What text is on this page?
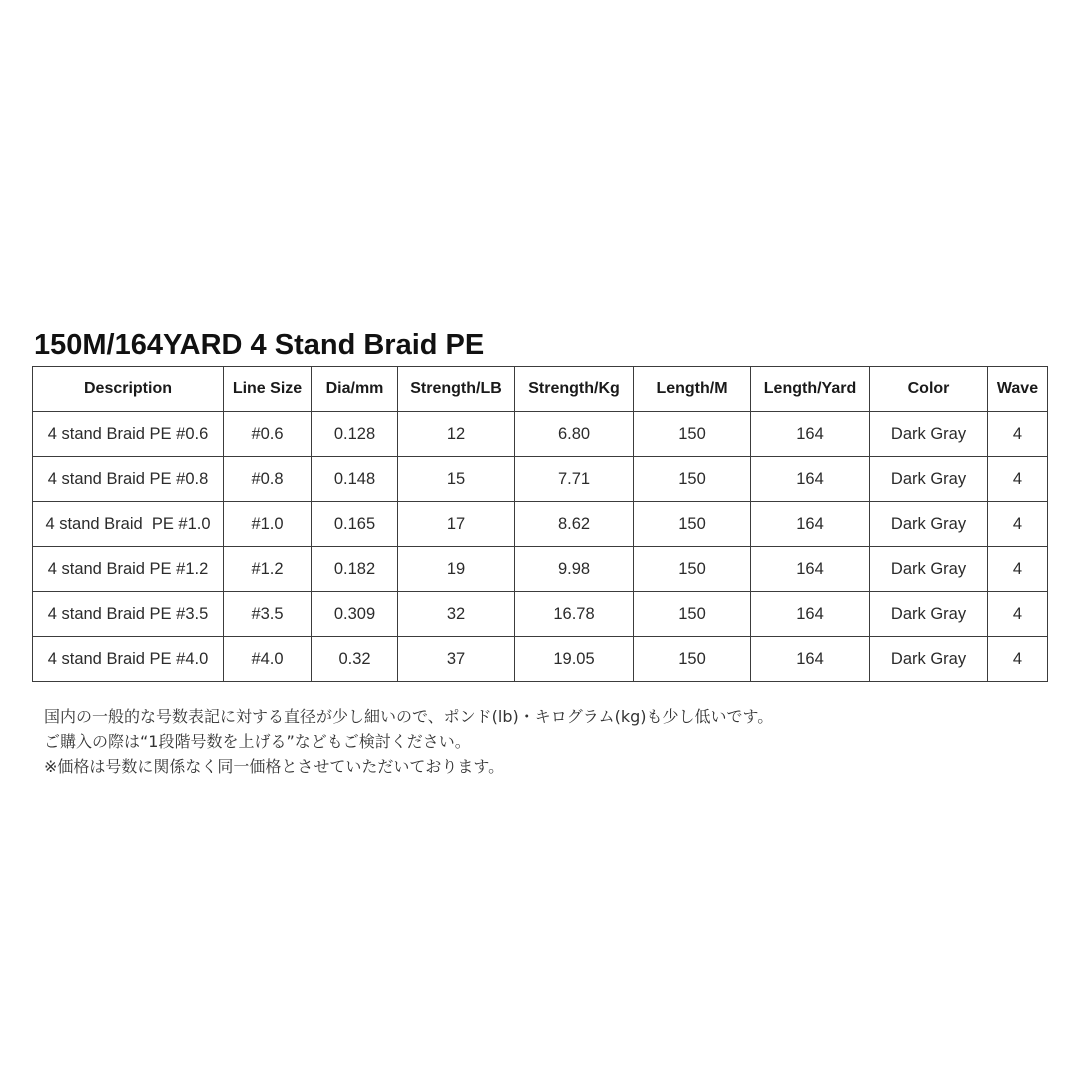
150M/164YARD 4 Stand Braid PE
Description	Line Size	Dia/mm	Strength/LB	Strength/Kg	Length/M	Length/Yard	Color	Wave
4 stand Braid PE #0.6	#0.6	0.128	12	6.80	150	164	Dark Gray	4
4 stand Braid PE #0.8	#0.8	0.148	15	7.71	150	164	Dark Gray	4
4 stand Braid  PE #1.0	#1.0	0.165	17	8.62	150	164	Dark Gray	4
4 stand Braid PE #1.2	#1.2	0.182	19	9.98	150	164	Dark Gray	4
4 stand Braid PE #3.5	#3.5	0.309	32	16.78	150	164	Dark Gray	4
4 stand Braid PE #4.0	#4.0	0.32	37	19.05	150	164	Dark Gray	4
国内の一般的な号数表記に対する直径が少し細いので、ポンド(lb)・キログラム(kg)も少し低いです。
ご購入の際は“1段階号数を上げる”などもご検討ください。
※価格は号数に関係なく同一価格とさせていただいております。
